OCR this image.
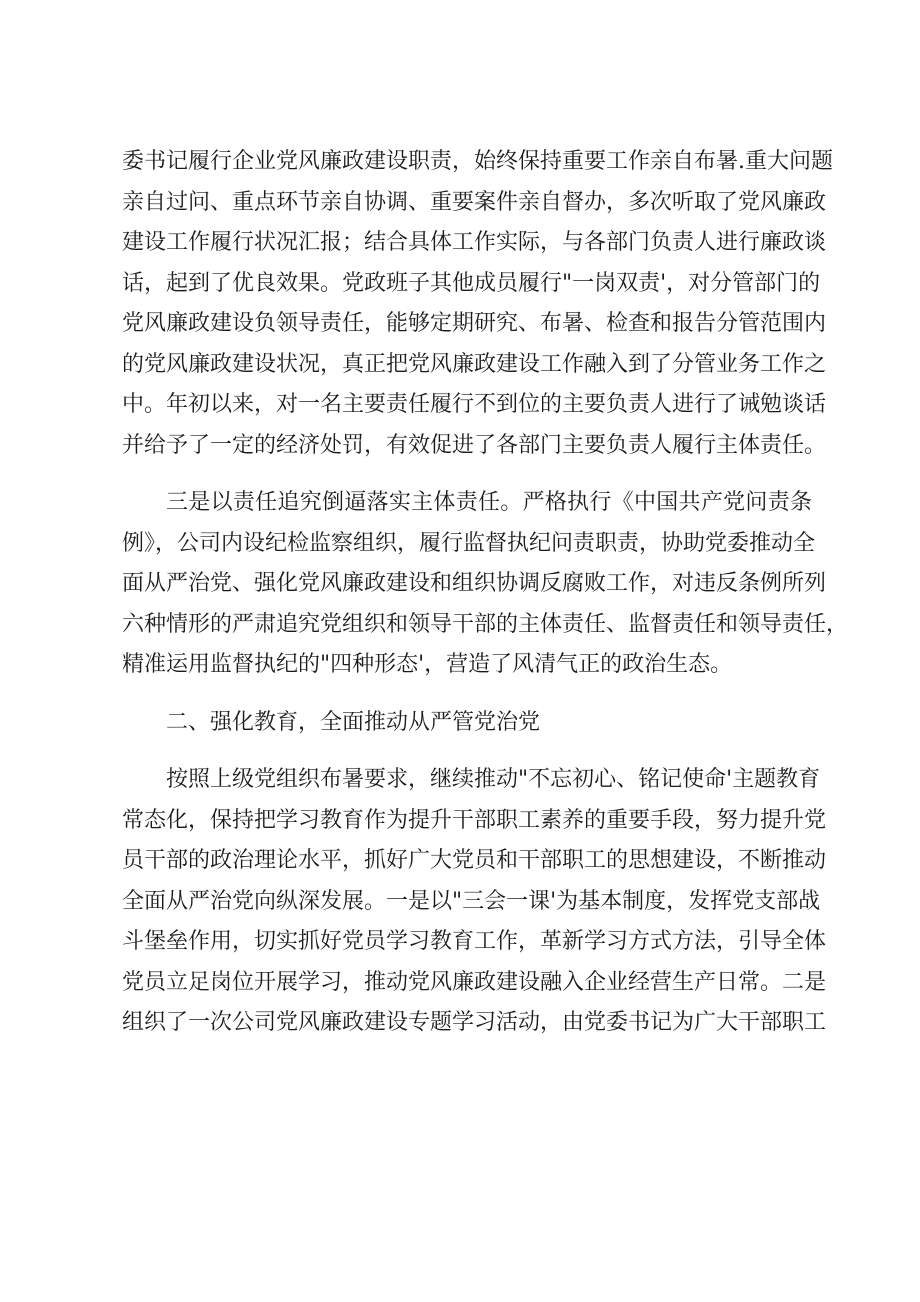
委书记履行企业党风廉政建设职责，始终保持重要工作亲自布暑.重大问题
亲自过问、重点环节亲自协调、重要案件亲自督办，多次听取了党风廉政
建设工作履行状况汇报；结合具体工作实际，与各部门负责人进行廉政谈
话，起到了优良效果。党政班子其他成员履行"一岗双责'，对分管部门的
党风廉政建设负领导责任，能够定期研究、布暑、检查和报告分管范围内
的党风廉政建设状况，真正把党风廉政建设工作融入到了分管业务工作之
中。年初以来，对一名主要责任履行不到位的主要负责人进行了诫勉谈话
并给予了一定的经济处罚，有效促进了各部门主要负责人履行主体责任。
三是以责任追究倒逼落实主体责任。严格执行《中国共产党问责条
例》，公司内设纪检监察组织，履行监督执纪问责职责，协助党委推动全
面从严治党、强化党风廉政建设和组织协调反腐败工作，对违反条例所列
六种情形的严肃追究党组织和领导干部的主体责任、监督责任和领导责任，
精准运用监督执纪的"四种形态'，营造了风清气正的政治生态。
二、强化教育，全面推动从严管党治党
按照上级党组织布暑要求，继续推动"不忘初心、铭记使命'主题教育
常态化，保持把学习教育作为提升干部职工素养的重要手段，努力提升党
员干部的政治理论水平，抓好广大党员和干部职工的思想建设，不断推动
全面从严治党向纵深发展。一是以"三会一课'为基本制度，发挥党支部战
斗堡垒作用，切实抓好党员学习教育工作，革新学习方式方法，引导全体
党员立足岗位开展学习，推动党风廉政建设融入企业经营生产日常。二是
组织了一次公司党风廉政建设专题学习活动，由党委书记为广大干部职工
